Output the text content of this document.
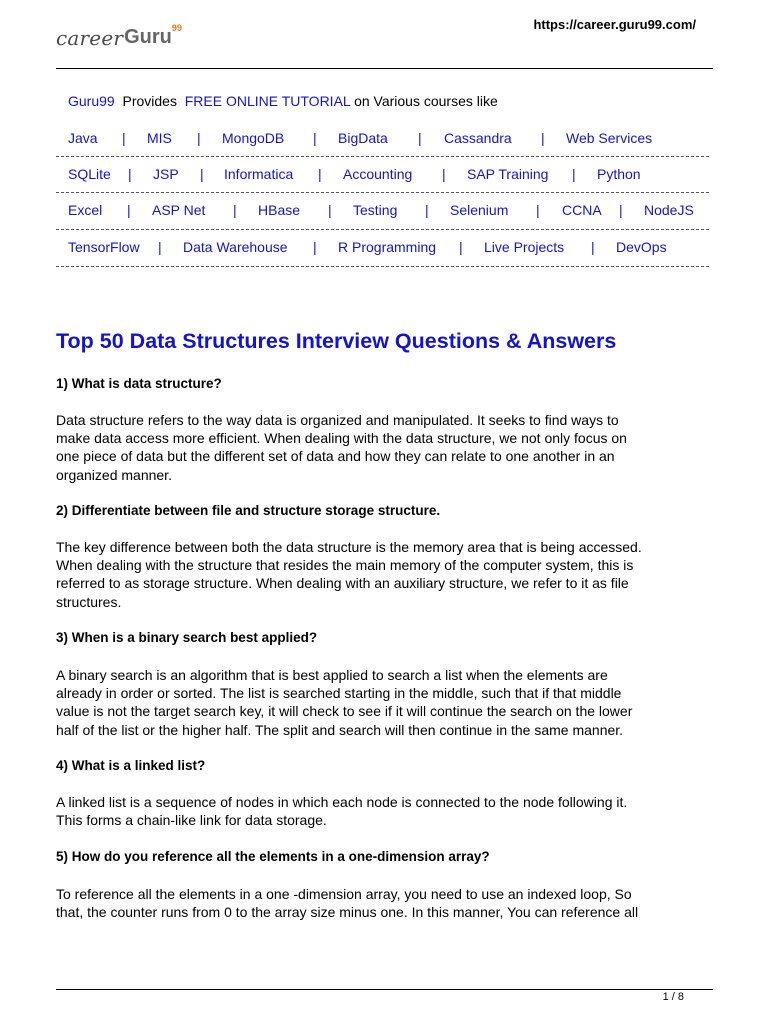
career Guru 99	https://career.guru99.com/
Guru99 Provides FREE ONLINE TUTORIAL on Various courses like
Java | MIS | MongoDB | BigData | Cassandra | Web Services
SQLite | JSP | Informatica | Accounting | SAP Training | Python
Excel | ASP Net | HBase | Testing | Selenium | CCNA | NodeJS
TensorFlow | Data Warehouse | R Programming | Live Projects | DevOps
Top 50 Data Structures Interview Questions & Answers
1) What is data structure?
Data structure refers to the way data is organized and manipulated. It seeks to find ways to
make data access more efficient. When dealing with the data structure, we not only focus on
one piece of data but the different set of data and how they can relate to one another in an
organized manner.
2) Differentiate between file and structure storage structure.
The key difference between both the data structure is the memory area that is being accessed.
When dealing with the structure that resides the main memory of the computer system, this is
referred to as storage structure. When dealing with an auxiliary structure, we refer to it as file
structures.
3) When is a binary search best applied?
A binary search is an algorithm that is best applied to search a list when the elements are
already in order or sorted. The list is searched starting in the middle, such that if that middle
value is not the target search key, it will check to see if it will continue the search on the lower
half of the list or the higher half. The split and search will then continue in the same manner.
4) What is a linked list?
A linked list is a sequence of nodes in which each node is connected to the node following it.
This forms a chain-like link for data storage.
5) How do you reference all the elements in a one-dimension array?
To reference all the elements in a one -dimension array, you need to use an indexed loop, So
that, the counter runs from 0 to the array size minus one. In this manner, You can reference all
1 / 8
